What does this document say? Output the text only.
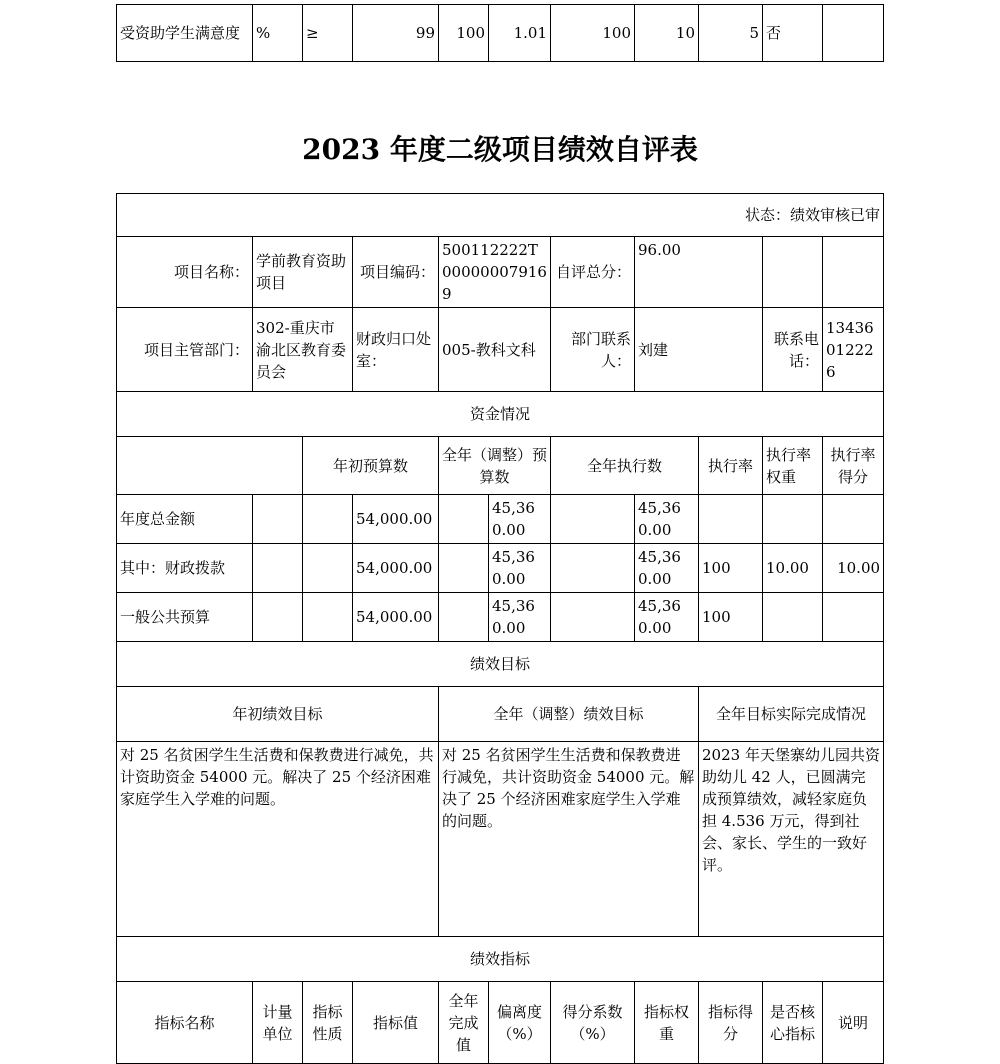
受资助学生满意度	%	≥	99	100	1.01	100	10	5	否	
2023 年度二级项目绩效自评表
状态：绩效审核已审										
项目名称：	学前教育资助项目		项目编码：	500112222T000000079169		自评总分：	96.00			
项目主管部门：	302-重庆市渝北区教育委员会		财政归口处室：	005-教科文科		部门联系人：	刘建		联系电话：	13436012226
资金情况										
		年初预算数		全年（调整）预算数		全年执行数		执行率	执行率权重	执行率得分
年度总金额			54,000.00		45,360.00		45,360.00			
其中：财政拨款			54,000.00		45,360.00		45,360.00	100	10.00	10.00
一般公共预算			54,000.00		45,360.00		45,360.00	100		
绩效目标										
年初绩效目标				全年（调整）绩效目标				全年目标实际完成情况		
对 25 名贫困学生生活费和保教费进行减免，共计资助资金 54000 元。解决了 25 个经济困难家庭学生入学难的问题。				对 25 名贫困学生生活费和保教费进行减免，共计资助资金 54000 元。解决了 25 个经济困难家庭学生入学难的问题。				2023 年天堡寨幼儿园共资助幼儿 42 人，已圆满完成预算绩效，减轻家庭负担 4.536 万元，得到社会、家长、学生的一致好评。		
绩效指标										
指标名称	计量单位	指标性质	指标值	全年完成值	偏离度（%）	得分系数（%）	指标权重	指标得分	是否核心指标	说明
